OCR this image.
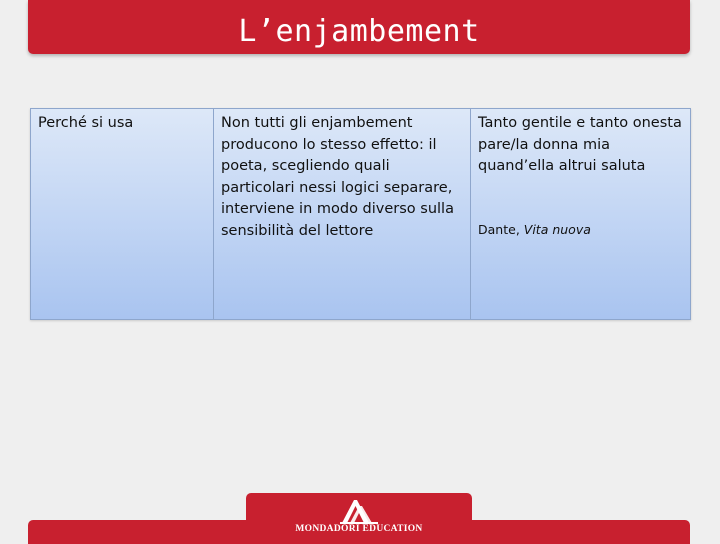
L’enjambement
Perché si usa	Non tutti gli enjambement producono lo stesso effetto: il poeta, scegliendo quali particolari nessi logici separare, interviene in modo diverso sulla sensibilità del lettore
Tanto gentile e tanto onesta pare/la donna mia quand’ella altrui saluta
Dante, Vita nuova
MONDADORI EDUCATION
